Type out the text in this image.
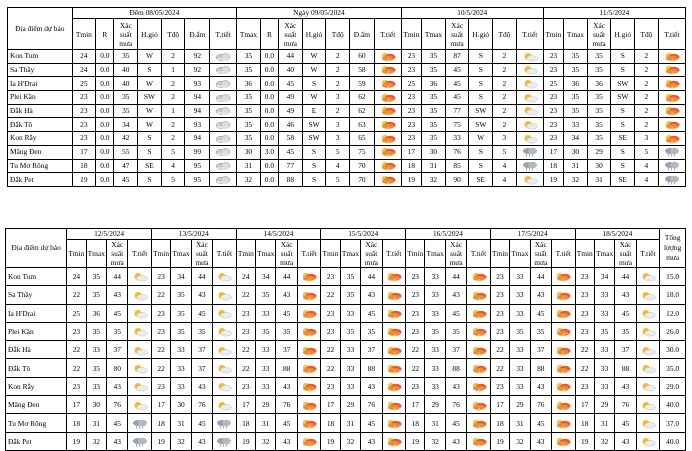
Địa điểm dự báo	Đêm 08/05/2024							Ngày 09/05/2024							10/5/2024						11/5/2024					
	Tmin	R	Xác suất mưa	H.gió	Tđộ	Đ.ẩm	T.tiết	Tmax	R	Xác suất mưa	H.gió	Tđộ	Đ.ẩm	T.tiết	Tmin	Tmax	Xác suất mưa	H.gió	Tđộ	T.tiết	Tmin	Tmax	Xác suất mưa	H.gió	Tđộ	T.tiết
Kon Tum	24	0.0	35	W	2	92		35	0.0	44	W	2	60		23	35	87	S	2		23	35	35	S	2	

Sa Thầy	24	0.0	40	S	1	92		35	0.0	40	W	2	58		23	35	45	S	2		23	35	35	S	2	

Ia H'Drai	25	0.0	40	W	2	93		36	0.0	45	S	2	59		25	36	45	S	2		25	36	36	SW	2	

Plei Kần	23	0.0	35	SW	2	94		35	0.0	49	W	3	62		23	35	45	S	2		23	35	35	SW	2	

Đắk Hà	23	0.0	35	W	1	94		35	0.0	49	E	2	62		23	35	77	SW	2		23	35	35	S	2	

Đắk Tô	23	0.0	34	W	2	93		35	0.0	46	SW	3	63		23	35	75	SW	2		23	33	35	S	2	

Kon Rẫy	23	0.0	42	S	2	94		35	0.0	58	SW	3	65		23	35	33	W	3		23	34	35	SE	3	

Măng Đen	17	0.0	55	S	5	99		30	3.0	45	S	5	75		17	30	76	S	5		17	30	29	S	5	

Tu Mơ Rông	18	0.0	47	SE	4	95		31	0.0	77	S	4	70		18	31	85	S	4		18	31	30	S	4	

Đắk Pet	19	0.0	45	S	5	95		32	0.0	88	S	5	70		19	32	90	SE	4		19	32	31	SE	4	
Địa điểm dự báo	12/5/2024				13/5/2024				14/5/2024				15/5/2024				16/5/2024				17/5/2024				18/5/2024				Tổng lượng mưa
	Tmin	Tmax	Xác suất mưa	T.tiết	Tmin	Tmax	Xác suất mưa	T.tiết	Tmin	Tmax	Xác suất mưa	T.tiết	Tmin	Tmax	Xác suất mưa	T.tiết	Tmin	Tmax	Xác suất mưa	T.tiết	Tmin	Tmax	Xác suất mưa	T.tiết	Tmin	Tmax	Xác suất mưa	T.tiết	
Kon Tum	24	35	44		23	34	44		24	34	44		23	35	44		23	33	44		23	33	44		23	34	44		15.0
Sa Thầy	22	35	43		22	35	43		22	35	43		22	35	43		23	33	43		23	33	43		23	33	43		18.0
Ia H'Drai	25	36	45		23	35	45		23	33	45		23	33	45		23	33	45		23	33	45		23	33	45		12.0
Plei Kần	23	35	35		23	35	35		23	35	35		23	35	35		23	35	35		23	35	35		23	35	35		26.0
Đắk Hà	22	33	37		22	33	37		22	33	37		22	33	37		22	33	37		22	33	37		22	33	37		30.0
Đắk Tô	22	35	80		22	33	37		22	33	88		22	33	88		22	33	88		22	33	88		22	33	88		35.0
Kon Rẫy	23	33	43		23	33	43		23	33	43		23	33	43		23	33	43		23	33	43		23	33	43		29.0
Măng Đen	17	30	76		17	30	76		17	29	76		17	29	76		17	29	76		17	29	76		17	29	76		40.0
Tu Mơ Rông	18	31	45		18	31	45		18	31	45		18	31	45		18	31	45		18	31	45		18	31	45		37.0
Đắk Pet	19	32	43		19	32	43		19	32	43		19	32	43		19	32	43		19	32	43		19	32	43		40.0
